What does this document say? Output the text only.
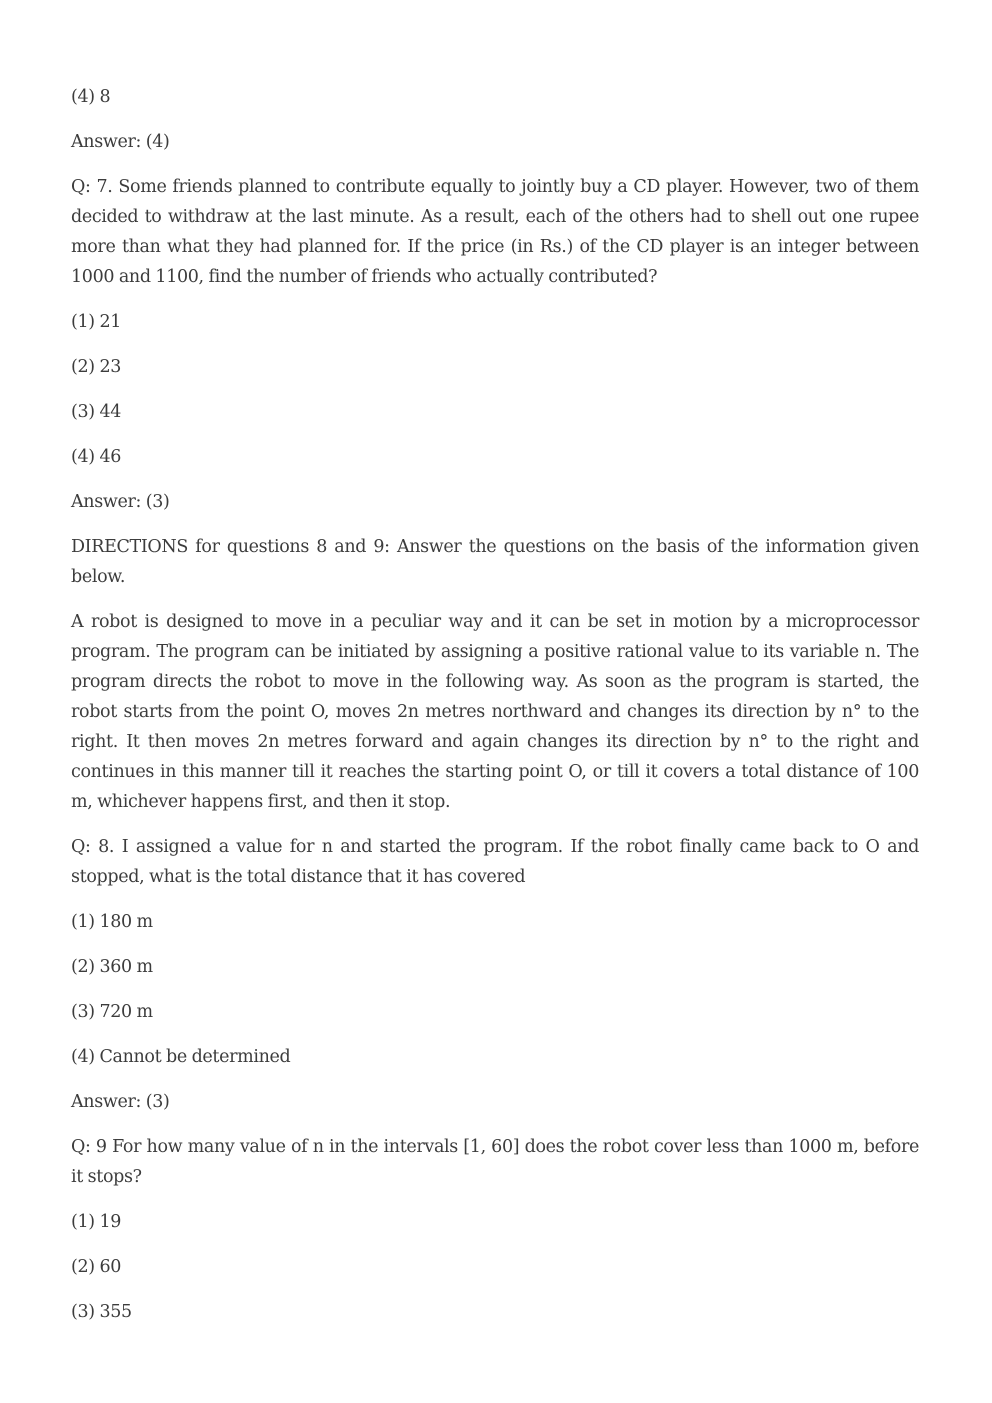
(4) 8

Answer: (4)

Q: 7. Some friends planned to contribute equally to jointly buy a CD player. However, two of them decided to withdraw at the last minute. As a result, each of the others had to shell out one rupee more than what they had planned for. If the price (in Rs.) of the CD player is an integer between 1000 and 1100, find the number of friends who actually contributed?

(1) 21

(2) 23

(3) 44

(4) 46

Answer: (3)

DIRECTIONS for questions 8 and 9: Answer the questions on the basis of the information given below.

A robot is designed to move in a peculiar way and it can be set in motion by a microprocessor program. The program can be initiated by assigning a positive rational value to its variable n. The program directs the robot to move in the following way. As soon as the program is started, the robot starts from the point O, moves 2n metres northward and changes its direction by n° to the right. It then moves 2n metres forward and again changes its direction by n° to the right and continues in this manner till it reaches the starting point O, or till it covers a total distance of 100 m, whichever happens first, and then it stop.

Q: 8. I assigned a value for n and started the program. If the robot finally came back to O and stopped, what is the total distance that it has covered

(1) 180 m

(2) 360 m

(3) 720 m

(4) Cannot be determined

Answer: (3)

Q: 9 For how many value of n in the intervals [1, 60] does the robot cover less than 1000 m, before it stops?

(1) 19

(2) 60

(3) 355
